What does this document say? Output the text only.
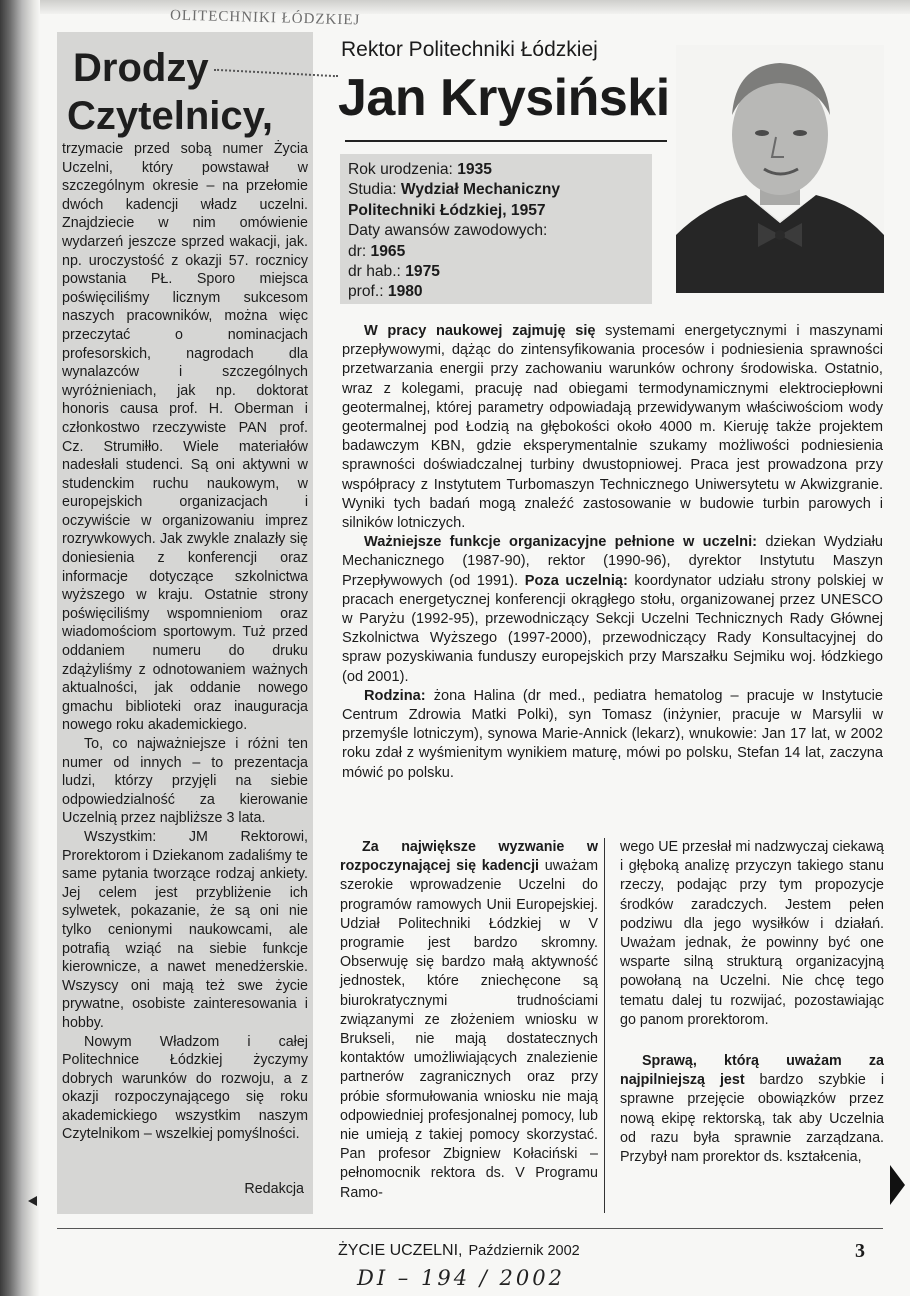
OLITECHNIKI ŁÓDZKIEJ
Drodzy
Czytelnicy,

trzymacie przed sobą numer Życia Uczelni, który powstawał w szczególnym okresie – na przełomie dwóch kadencji władz uczelni. Znajdziecie w nim omówienie wydarzeń jeszcze sprzed wakacji, jak. np. uroczystość z okazji 57. rocznicy powstania PŁ. Sporo miejsca poświęciliśmy licznym sukcesom naszych pracowników, można więc przeczytać o nominacjach profesorskich, nagrodach dla wynalazców i szczególnych wyróżnieniach, jak np. doktorat honoris causa prof. H. Oberman i członkostwo rzeczywiste PAN prof. Cz. Strumiłło. Wiele materiałów nadesłali studenci. Są oni aktywni w studenckim ruchu naukowym, w europejskich organizacjach i oczywiście w organizowaniu imprez rozrywkowych. Jak zwykle znalazły się doniesienia z konferencji oraz informacje dotyczące szkolnictwa wyższego w kraju. Ostatnie strony poświęciliśmy wspomnieniom oraz wiadomościom sportowym. Tuż przed oddaniem numeru do druku zdążyliśmy z odnotowaniem ważnych aktualności, jak oddanie nowego gmachu biblioteki oraz inauguracja nowego roku akademickiego.

To, co najważniejsze i różni ten numer od innych – to prezentacja ludzi, którzy przyjęli na siebie odpowiedzialność za kierowanie Uczelnią przez najbliższe 3 lata.

Wszystkim: JM Rektorowi, Prorektorom i Dziekanom zadaliśmy te same pytania tworzące rodzaj ankiety. Jej celem jest przybliżenie ich sylwetek, pokazanie, że są oni nie tylko cenionymi naukowcami, ale potrafią wziąć na siebie funkcje kierownicze, a nawet menedżerskie. Wszyscy oni mają też swe życie prywatne, osobiste zainteresowania i hobby.

Nowym Władzom i całej Politechnice Łódzkiej życzymy dobrych warunków do rozwoju, a z okazji rozpoczynającego się roku akademickiego wszystkim naszym Czytelnikom – wszelkiej pomyślności.

Redakcja
Rektor Politechniki Łódzkiej
Jan Krysiński
Rok urodzenia: 1935
Studia: Wydział Mechaniczny
Politechniki Łódzkiej, 1957
Daty awansów zawodowych:
dr: 1965
dr hab.: 1975
prof.: 1980

W pracy naukowej zajmuję się systemami energetycznymi i maszynami przepływowymi, dążąc do zintensyfikowania procesów i podniesienia sprawności przetwarzania energii przy zachowaniu warunków ochrony środowiska. Ostatnio, wraz z kolegami, pracuję nad obiegami termodynamicznymi elektrociepłowni geotermalnej, której parametry odpowiadają przewidywanym właściwościom wody geotermalnej pod Łodzią na głębokości około 4000 m. Kieruję także projektem badawczym KBN, gdzie eksperymentalnie szukamy możliwości podniesienia sprawności doświadczalnej turbiny dwustopniowej. Praca jest prowadzona przy współpracy z Instytutem Turbomaszyn Technicznego Uniwersytetu w Akwizgranie. Wyniki tych badań mogą znaleźć zastosowanie w budowie turbin parowych i silników lotniczych.

Ważniejsze funkcje organizacyjne pełnione w uczelni: dziekan Wydziału Mechanicznego (1987-90), rektor (1990-96), dyrektor Instytutu Maszyn Przepływowych (od 1991). Poza uczelnią: koordynator udziału strony polskiej w pracach energetycznej konferencji okrągłego stołu, organizowanej przez UNESCO w Paryżu (1992-95), przewodniczący Sekcji Uczelni Technicznych Rady Głównej Szkolnictwa Wyższego (1997-2000), przewodniczący Rady Konsultacyjnej do spraw pozyskiwania funduszy europejskich przy Marszałku Sejmiku woj. łódzkiego (od 2001).

Rodzina: żona Halina (dr med., pediatra hematolog – pracuje w Instytucie Centrum Zdrowia Matki Polki), syn Tomasz (inżynier, pracuje w Marsylii w przemyśle lotniczym), synowa Marie-Annick (lekarz), wnukowie: Jan 17 lat, w 2002 roku zdał z wyśmienitym wynikiem maturę, mówi po polsku, Stefan 14 lat, zaczyna mówić po polsku.

Za największe wyzwanie w rozpoczynającej się kadencji uważam szerokie wprowadzenie Uczelni do programów ramowych Unii Europejskiej. Udział Politechniki Łódzkiej w V programie jest bardzo skromny. Obserwuję się bardzo małą aktywność jednostek, które zniechęcone są biurokratycznymi trudnościami związanymi ze złożeniem wniosku w Brukseli, nie mają dostatecznych kontaktów umożliwiających znalezienie partnerów zagranicznych oraz przy próbie sformułowania wniosku nie mają odpowiedniej profesjonalnej pomocy, lub nie umieją z takiej pomocy skorzystać. Pan profesor Zbigniew Kołaciński – pełnomocnik rektora ds. V Programu Ramo-

wego UE przesłał mi nadzwyczaj ciekawą i głęboką analizę przyczyn takiego stanu rzeczy, podając przy tym propozycje środków zaradczych. Jestem pełen podziwu dla jego wysiłków i działań. Uważam jednak, że powinny być one wsparte silną strukturą organizacyjną powołaną na Uczelni. Nie chcę tego tematu dalej tu rozwijać, pozostawiając go panom prorektorom.

Sprawą, którą uważam za najpilniejszą jest bardzo szybkie i sprawne przejęcie obowiązków przez nową ekipę rektorską, tak aby Uczelnia od razu była sprawnie zarządzana. Przybył nam prorektor ds. kształcenia,

ŻYCIE UCZELNI, Październik 2002	3
DI – 194 / 2002
